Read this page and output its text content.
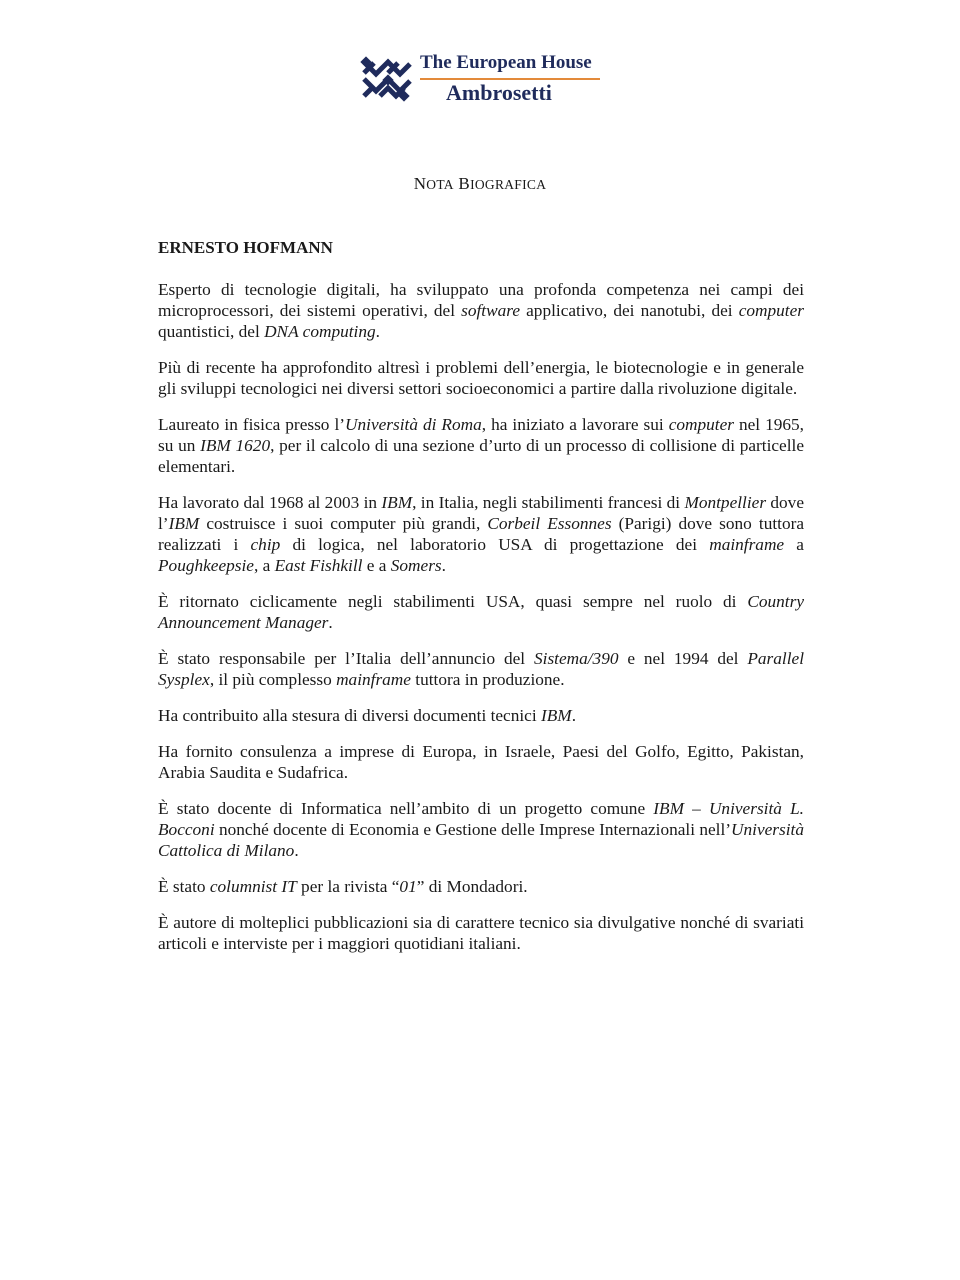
The European House
Ambrosetti
NOTA BIOGRAFICA
ERNESTO HOFMANN

Esperto di tecnologie digitali, ha sviluppato una profonda competenza nei campi dei microprocessori, dei sistemi operativi, del software applicativo, dei nanotubi, dei computer quantistici, del DNA computing.

Più di recente ha approfondito altresì i problemi dell’energia, le biotecnologie e in generale gli sviluppi tecnologici nei diversi settori socioeconomici a partire dalla rivoluzione digitale.

Laureato in fisica presso l’Università di Roma, ha iniziato a lavorare sui computer nel 1965, su un IBM 1620, per il calcolo di una sezione d’urto di un processo di collisione di particelle elementari.

Ha lavorato dal 1968 al 2003 in IBM, in Italia, negli stabilimenti francesi di Montpellier dove l’IBM costruisce i suoi computer più grandi, Corbeil Essonnes (Parigi) dove sono tuttora realizzati i chip di logica, nel laboratorio USA di progettazione dei mainframe a Poughkeepsie, a East Fishkill e a Somers.

È ritornato ciclicamente negli stabilimenti USA, quasi sempre nel ruolo di Country Announcement Manager.

È stato responsabile per l’Italia dell’annuncio del Sistema/390 e nel 1994 del Parallel Sysplex, il più complesso mainframe tuttora in produzione.

Ha contribuito alla stesura di diversi documenti tecnici IBM.

Ha fornito consulenza a imprese di Europa, in Israele, Paesi del Golfo, Egitto, Pakistan, Arabia Saudita e Sudafrica.

È stato docente di Informatica nell’ambito di un progetto comune IBM – Università L. Bocconi nonché docente di Economia e Gestione delle Imprese Internazionali nell’Università Cattolica di Milano.

È stato columnist IT per la rivista “01” di Mondadori.

È autore di molteplici pubblicazioni sia di carattere tecnico sia divulgative nonché di svariati articoli e interviste per i maggiori quotidiani italiani.
